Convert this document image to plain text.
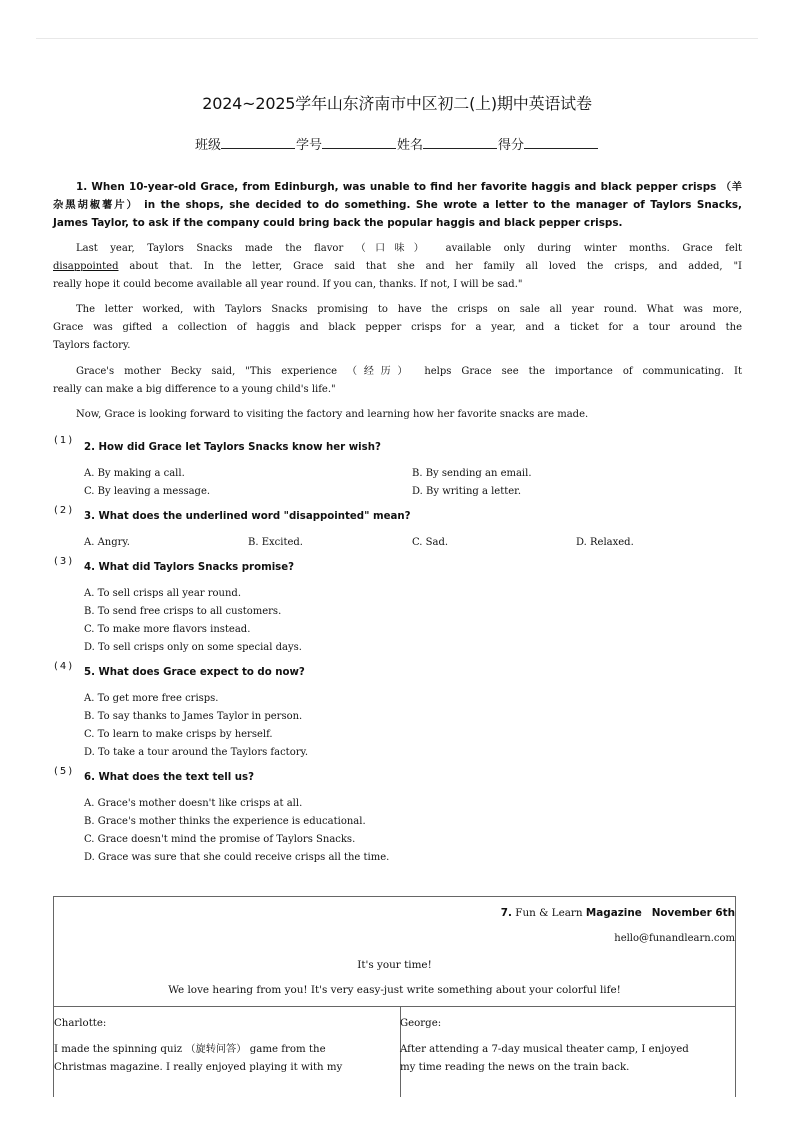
2024~2025学年山东济南市中区初二(上)期中英语试卷
班级	学号	姓名	得分
1. When 10-year-old Grace, from Edinburgh, was unable to find her favorite haggis and black pepper crisps （羊
杂黑胡椒薯片） in the shops, she decided to do something. She wrote a letter to the manager of Taylors Snacks,
James Taylor, to ask if the company could bring back the popular haggis and black pepper crisps.
Last year, Taylors Snacks made the flavor （口味） available only during winter months. Grace felt
disappointed about that. In the letter, Grace said that she and her family all loved the crisps, and added, "I
really hope it could become available all year round. If you can, thanks. If not, I will be sad."
The letter worked, with Taylors Snacks promising to have the crisps on sale all year round. What was more,
Grace was gifted a collection of haggis and black pepper crisps for a year, and a ticket for a tour around the
Taylors factory.
Grace's mother Becky said, "This experience （经历） helps Grace see the importance of communicating. It
really can make a big difference to a young child's life."
Now, Grace is looking forward to visiting the factory and learning how her favorite snacks are made.
(1)
2. How did Grace let Taylors Snacks know her wish?
A. By making a call.	B. By sending an email.
C. By leaving a message.	D. By writing a letter.
(2)
3. What does the underlined word "disappointed" mean?
A. Angry.	B. Excited.	C. Sad.	D. Relaxed.
(3)
4. What did Taylors Snacks promise?
A. To sell crisps all year round.
B. To send free crisps to all customers.
C. To make more flavors instead.
D. To sell crisps only on some special days.
(4)
5. What does Grace expect to do now?
A. To get more free crisps.
B. To say thanks to James Taylor in person.
C. To learn to make crisps by herself.
D. To take a tour around the Taylors factory.
(5)
6. What does the text tell us?
A. Grace's mother doesn't like crisps at all.
B. Grace's mother thinks the experience is educational.
C. Grace doesn't mind the promise of Taylors Snacks.
D. Grace was sure that she could receive crisps all the time.
7. Fun & Learn Magazine November 6th
hello@funandlearn.com
It's your time!
We love hearing from you! It's very easy-just write something about your colorful life!
Charlotte:
I made the spinning quiz （旋转问答） game from the
Christmas magazine. I really enjoyed playing it with my
George:
After attending a 7-day musical theater camp, I enjoyed
my time reading the news on the train back.
